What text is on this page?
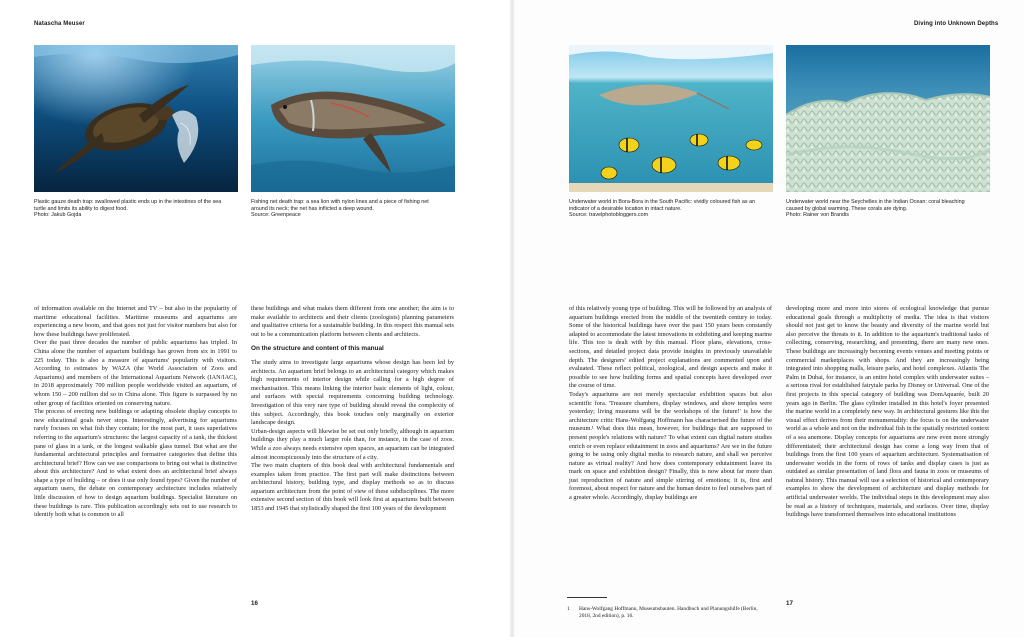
Natascha Meuser	Diving into Unknown Depths
Plastic gauze death trap: swallowed plastic ends up in the intestines of the sea
turtle and limits its ability to digest food.
Photo: Jakub Gojda
Fishing net death trap: a sea lion with nylon lines and a piece of fishing net
around its neck; the net has inflicted a deep wound.
Source: Greenpeace
Underwater world in Bora-Bora in the South Pacific: vividly coloured fish as an
indicator of a desirable location in intact nature.
Source: travelphotobloggers.com
Underwater world near the Seychelles in the Indian Ocean: coral bleaching
caused by global warming. These corals are dying.
Photo: Rainer von Brandis

of information available on the Internet and TV – but also in the popularity of maritime educational facilities. Maritime museums and aquariums are experiencing a new boom, and that goes not just for visitor numbers but also for how these buildings have proliferated.

Over the past three decades the number of public aquariums has tripled. In China alone the number of aquarium buildings has grown from six in 1991 to 225 today. This is also a measure of aquariums' popularity with visitors. According to estimates by WAZA (the World Association of Zoos and Aquariums) and members of the International Aquarium Network (IAN/IAC), in 2018 approximately 700 million people worldwide visited an aquarium, of whom 150 – 200 million did so in China alone. This figure is surpassed by no other group of facilities oriented on conserving nature.

The process of erecting new buildings or adapting obsolete display concepts to new educational goals never stops. Interestingly, advertising for aquariums rarely focuses on what fish they contain; for the most part, it uses superlatives referring to the aquarium's structures: the largest capacity of a tank, the thickest pane of glass in a tank, or the longest walkable glass tunnel. But what are the fundamental architectural principles and formative categories that define this architectural brief? How can we use comparisons to bring out what is distinctive about this architecture? And to what extent does an architectural brief always shape a type of building – or does it use only found types? Given the number of aquarium users, the debate on contemporary architecture includes relatively little discussion of how to design aquarium buildings. Specialist literature on these buildings is rare. This publication accordingly sets out to use research to identify both what is common to all

these buildings and what makes them different from one another; the aim is to make available to architects and their clients (zoologists) planning parameters and qualitative criteria for a sustainable building. In this respect this manual sets out to be a communication platform between clients and architects.

On the structure and content of this manual

The study aims to investigate large aquariums whose design has been led by architects. An aquarium brief belongs to an architectural category which makes high requirements of interior design while calling for a high degree of mechanisation. This means linking the interior basic elements of light, colour, and surfaces with special requirements concerning building technology. Investigation of this very rare type of building should reveal the complexity of this subject. Accordingly, this book touches only marginally on exterior landscape design.

Urban-design aspects will likewise be set out only briefly, although in aquarium buildings they play a much larger role than, for instance, in the case of zoos. While a zoo always needs extensive open spaces, an aquarium can be integrated almost inconspicuously into the structure of a city.

The two main chapters of this book deal with architectural fundamentals and examples taken from practice. The first part will make distinctions between architectural history, building type, and display methods so as to discuss aquarium architecture from the point of view of these subdisciplines. The more extensive second section of this book will look first at aquariums built between 1853 and 1945 that stylistically shaped the first 100 years of the development

of this relatively young type of building. This will be followed by an analysis of aquarium buildings erected from the middle of the twentieth century to today. Some of the historical buildings have over the past 150 years been constantly adapted to accommodate the latest innovations in exhibiting and keeping marine life. This too is dealt with by this manual. Floor plans, elevations, cross-sections, and detailed project data provide insights in previously unavailable depth. The designers' edited project explanations are commented upon and evaluated. These reflect political, zoological, and design aspects and make it possible to see how building forms and spatial concepts have developed over the course of time.

Today's aquariums are not merely spectacular exhibition spaces but also scientific fora. 'Treasure chambers, display windows, and show temples were yesterday; living museums will be the workshops of the future!' is how the architecture critic Hans-Wolfgang Hoffmann has characterised the future of the museum.¹ What does this mean, however, for buildings that are supposed to present people's relations with nature? To what extent can digital nature studies enrich or even replace edutainment in zoos and aquariums? Are we in the future going to be using only digital media to research nature, and shall we perceive nature as virtual reality? And how does contemporary edutainment leave its mark on space and exhibition design? Finally, this is now about far more than just reproduction of nature and simple stirring of emotions; it is, first and foremost, about respect for nature and the human desire to feel ourselves part of a greater whole. Accordingly, display buildings are

developing more and more into stores of ecological knowledge that pursue educational goals through a multiplicity of media. The idea is that visitors should not just get to know the beauty and diversity of the marine world but also perceive the threats to it. In addition to the aquarium's traditional tasks of collecting, conserving, researching, and presenting, there are many new ones. These buildings are increasingly becoming events venues and meeting points or commercial marketplaces with shops. And they are increasingly being integrated into shopping malls, leisure parks, and hotel complexes. Atlantis The Palm in Dubai, for instance, is an entire hotel complex with underwater suites – a serious rival for established fairytale parks by Disney or Universal. One of the first projects in this special category of building was DomAquarée, built 20 years ago in Berlin. The glass cylinder installed in this hotel's foyer presented the marine world in a completely new way. In architectural gestures like this the visual effect derives from their monumentality: the focus is on the underwater world as a whole and not on the individual fish in the spatially restricted context of a sea anemone. Display concepts for aquariums are now even more strongly differentiated; their architectural design has come a long way from that of buildings from the first 100 years of aquarium architecture. Systematisation of underwater worlds in the form of rows of tanks and display cases is just as outdated as similar presentation of land flora and fauna in zoos or museums of natural history. This manual will use a selection of historical and contemporary examples to show the development of architecture and display methods for artificial underwater worlds. The individual steps in this development may also be read as a history of techniques, materials, and surfaces. Over time, display buildings have transformed themselves into educational institutions

1	Hans-Wolfgang Hoffmann, Museumsbauten. Handbuch und Planungshilfe (Berlin, 2018, 2nd edition), p. 16.
16	17
